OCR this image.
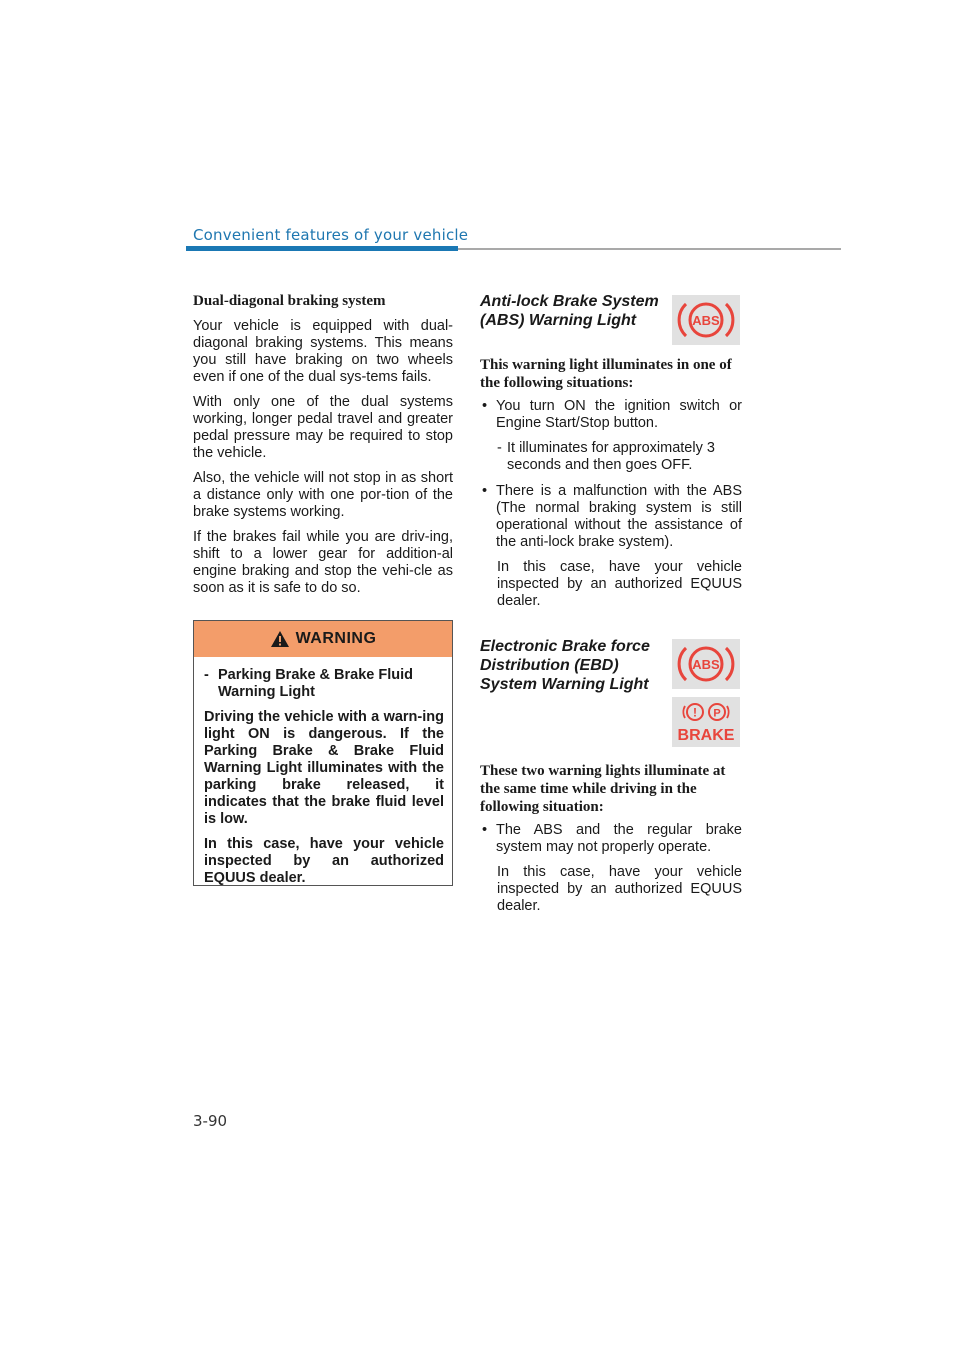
Convenient features of your vehicle
Dual-diagonal braking system

Your vehicle is equipped with dual-diagonal braking systems. This means you still have braking on two wheels even if one of the dual sys-tems fails.

With only one of the dual systems working, longer pedal travel and greater pedal pressure may be required to stop the vehicle.

Also, the vehicle will not stop in as short a distance only with one por-tion of the brake systems working.

If the brakes fail while you are driv-ing, shift to a lower gear for addition-al engine braking and stop the vehi-cle as soon as it is safe to do so.

WARNING
- Parking Brake & Brake Fluid Warning Light

Driving the vehicle with a warn-ing light ON is dangerous. If the Parking Brake & Brake Fluid Warning Light illuminates with the parking brake released, it indicates that the brake fluid level is low.

In this case, have your vehicle inspected by an authorized EQUUS dealer.

Anti-lock Brake System (ABS) Warning Light	ABS
This warning light illuminates in one of the following situations:
• You turn ON the ignition switch or Engine Start/Stop button.
- It illuminates for approximately 3 seconds and then goes OFF.
• There is a malfunction with the ABS (The normal braking system is still operational without the assistance of the anti-lock brake system).
In this case, have your vehicle inspected by an authorized EQUUS dealer.
Electronic Brake force Distribution (EBD) System Warning Light
ABS
! P
BRAKE
These two warning lights illuminate at the same time while driving in the following situation:
• The ABS and the regular brake system may not properly operate.
In this case, have your vehicle inspected by an authorized EQUUS dealer.
3-90
